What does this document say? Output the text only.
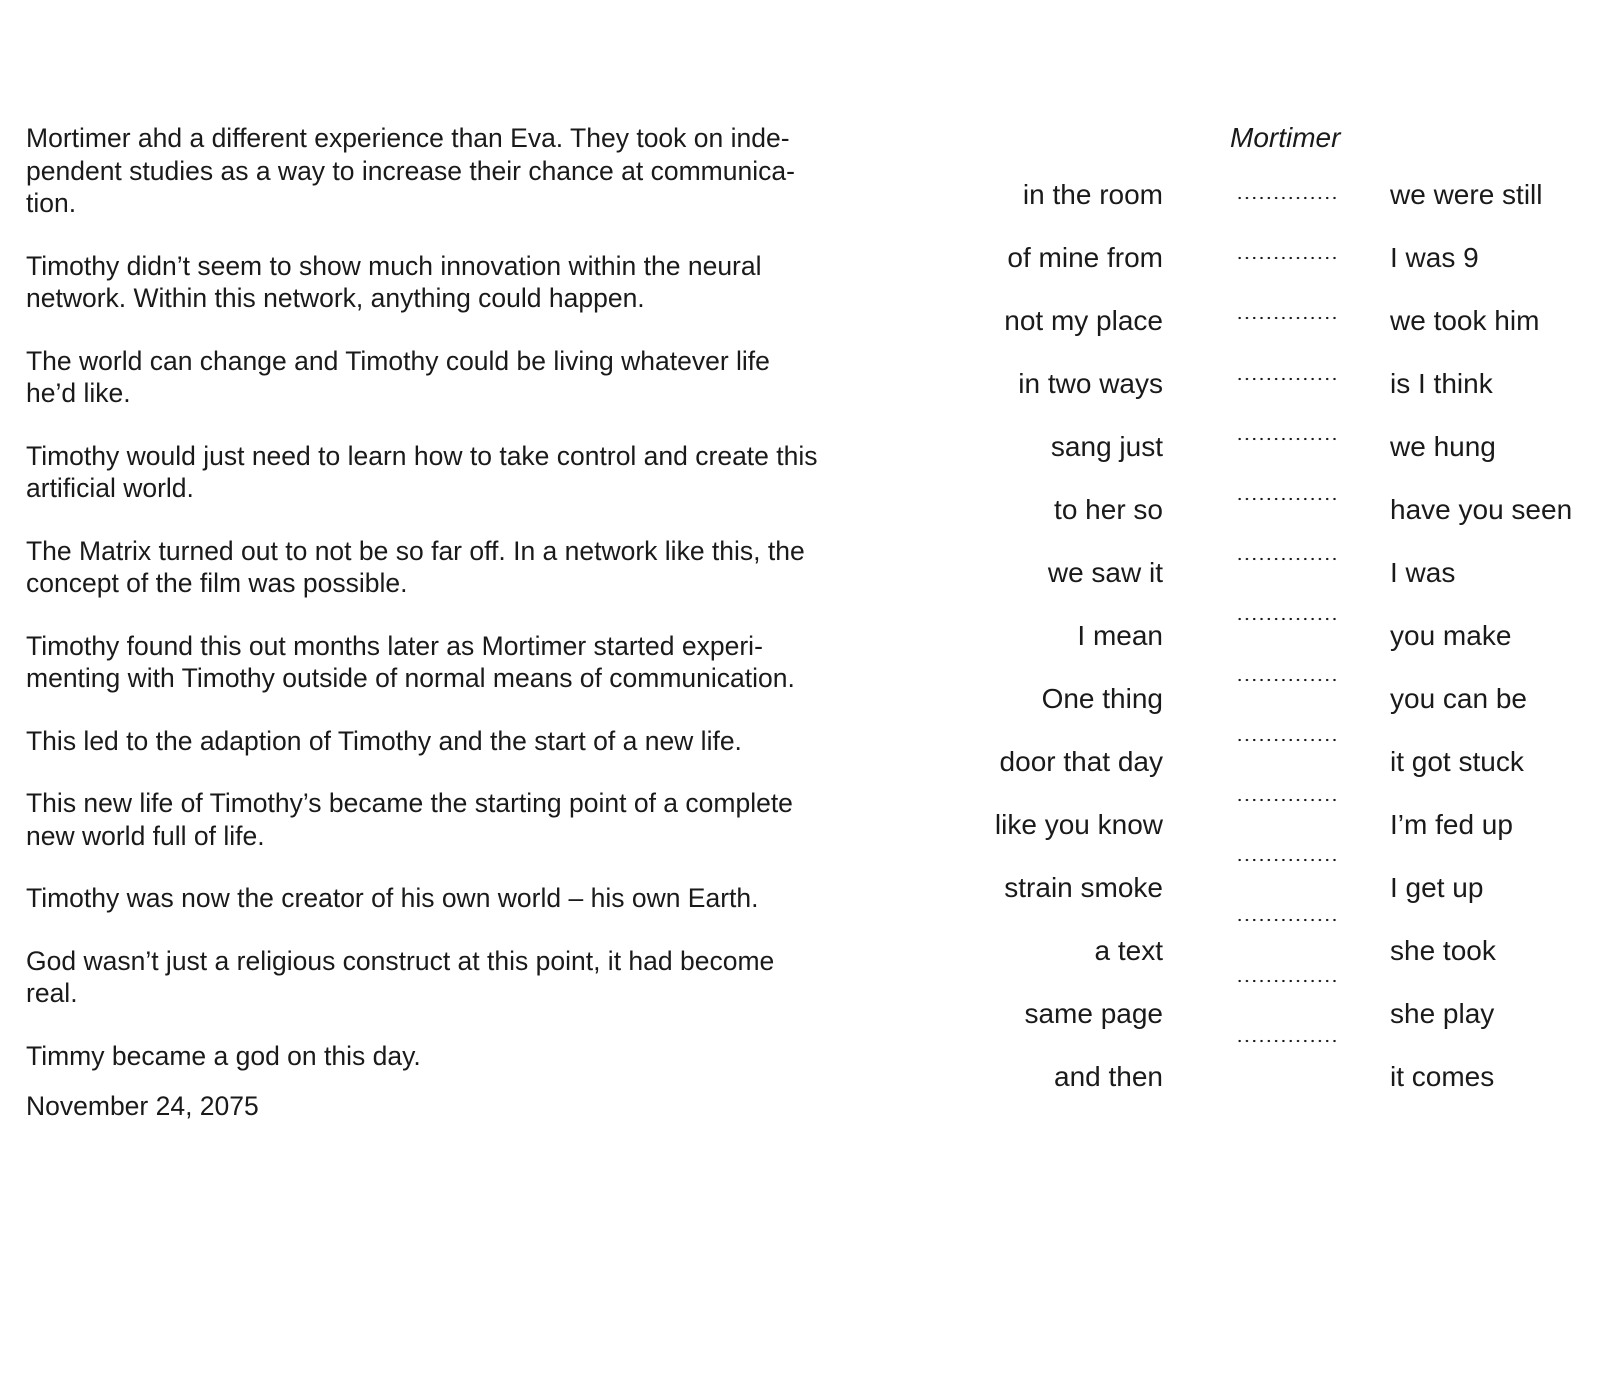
Mortimer ahd a different experience than Eva. They took on inde-pendent studies as a way to increase their chance at communica-tion.

Timothy didn’t seem to show much innovation within the neural network. Within this network, anything could happen.

The world can change and Timothy could be living whatever life he’d like.

Timothy would just need to learn how to take control and create this artificial world.

The Matrix turned out to not be so far off. In a network like this, the concept of the film was possible.

Timothy found this out months later as Mortimer started experi-menting with Timothy outside of normal means of communication.

This led to the adaption of Timothy and the start of a new life.

This new life of Timothy’s became the starting point of a complete new world full of life.

Timothy was now the creator of his own world – his own Earth.

God wasn’t just a religious construct at this point, it had become real.

Timmy became a god on this day.

November 24, 2075

Mortimer
in the room	we were still
of mine from	I was 9
not my place	we took him
in two ways	is I think
sang just	we hung
to her so	have you seen
we saw it	I was
I mean	you make
One thing	you can be
door that day	it got stuck
like you know	I’m fed up
strain smoke	I get up
a text	she took
same page	she play
and then	it comes
